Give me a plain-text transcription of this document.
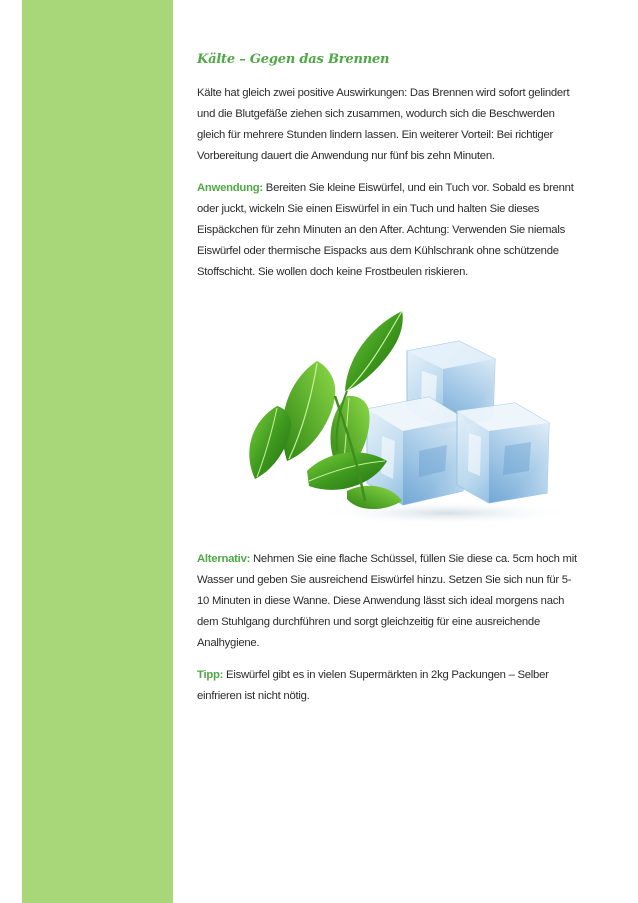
Kälte – Gegen das Brennen

Kälte hat gleich zwei positive Auswirkungen: Das Brennen wird sofort gelindert und die Blutgefäße ziehen sich zusammen, wodurch sich die Beschwerden gleich für mehrere Stunden lindern lassen. Ein weiterer Vorteil: Bei richtiger Vorbereitung dauert die Anwendung nur fünf bis zehn Minuten.

Anwendung: Bereiten Sie kleine Eiswürfel, und ein Tuch vor. Sobald es brennt oder juckt, wickeln Sie einen Eiswürfel in ein Tuch und halten Sie dieses Eispäckchen für zehn Minuten an den After. Achtung: Verwenden Sie niemals Eiswürfel oder thermische Eispacks aus dem Kühlschrank ohne schützende Stoffschicht. Sie wollen doch keine Frostbeulen riskieren.

Alternativ: Nehmen Sie eine flache Schüssel, füllen Sie diese ca. 5cm hoch mit Wasser und geben Sie ausreichend Eiswürfel hinzu. Setzen Sie sich nun für 5-10 Minuten in diese Wanne. Diese Anwendung lässt sich ideal morgens nach dem Stuhlgang durchführen und sorgt gleichzeitig für eine ausreichende Analhygiene.

Tipp: Eiswürfel gibt es in vielen Supermärkten in 2kg Packungen – Selber einfrieren ist nicht nötig.
